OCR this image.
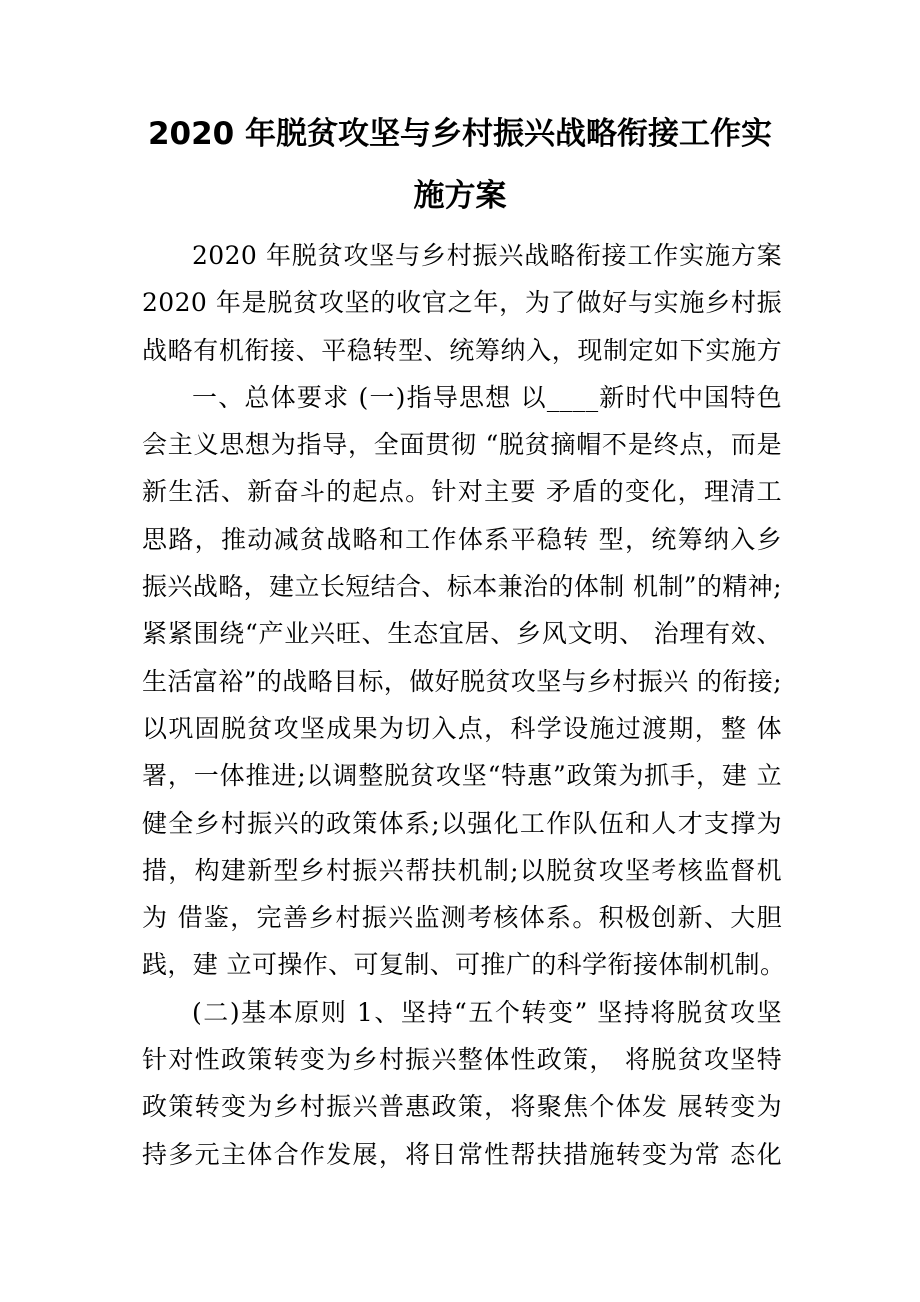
2020 年脱贫攻坚与乡村振兴战略衔接工作实
施方案
2020 年脱贫攻坚与乡村振兴战略衔接工作实施方案
2020 年是脱贫攻坚的收官之年，为了做好与实施乡村振
战略有机衔接、平稳转型、统筹纳入，现制定如下实施方
一、总体要求 (一)指导思想 以____新时代中国特色
会主义思想为指导，全面贯彻 “脱贫摘帽不是终点，而是
新生活、新奋斗的起点。针对主要 矛盾的变化，理清工
思路，推动减贫战略和工作体系平稳转 型，统筹纳入乡
振兴战略，建立长短结合、标本兼治的体制 机制”的精神;
紧紧围绕“产业兴旺、生态宜居、乡风文明、 治理有效、
生活富裕”的战略目标，做好脱贫攻坚与乡村振兴 的衔接;
以巩固脱贫攻坚成果为切入点，科学设施过渡期，整 体
署，一体推进;以调整脱贫攻坚“特惠”政策为抓手，建 立
健全乡村振兴的政策体系;以强化工作队伍和人才支撑为
措，构建新型乡村振兴帮扶机制;以脱贫攻坚考核监督机
为 借鉴，完善乡村振兴监测考核体系。积极创新、大胆
践，建 立可操作、可复制、可推广的科学衔接体制机制。
(二)基本原则 1、坚持“五个转变” 坚持将脱贫攻坚
针对性政策转变为乡村振兴整体性政策， 将脱贫攻坚特
政策转变为乡村振兴普惠政策，将聚焦个体发 展转变为
持多元主体合作发展，将日常性帮扶措施转变为常 态化
